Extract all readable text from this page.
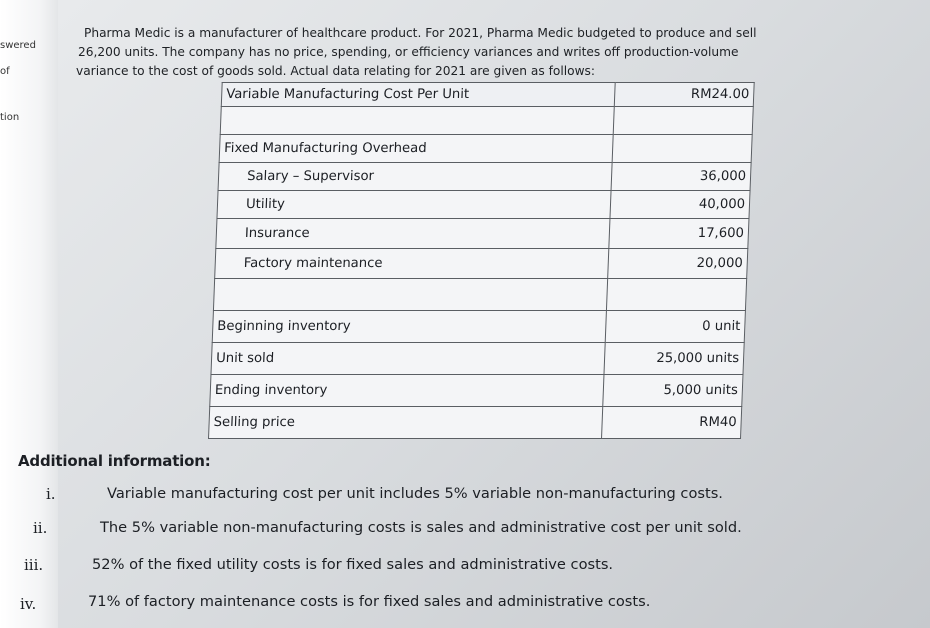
swered
of
tion

Pharma Medic is a manufacturer of healthcare product. For 2021, Pharma Medic budgeted to produce and sell

26,200 units. The company has no price, spending, or efficiency variances and writes off production-volume

variance to the cost of goods sold. Actual data relating for 2021 are given as follows:

Variable Manufacturing Cost Per Unit	RM24.00

Fixed Manufacturing Overhead	
Salary – Supervisor	36,000
Utility	40,000
Insurance	17,600
Factory maintenance	20,000

Beginning inventory	0 unit
Unit sold	25,000 units
Ending inventory	5,000 units
Selling price	RM40
Additional information:
i.	Variable manufacturing cost per unit includes 5% variable non-manufacturing costs.
ii.	The 5% variable non-manufacturing costs is sales and administrative cost per unit sold.
iii.	52% of the fixed utility costs is for fixed sales and administrative costs.
iv.	71% of factory maintenance costs is for fixed sales and administrative costs.
